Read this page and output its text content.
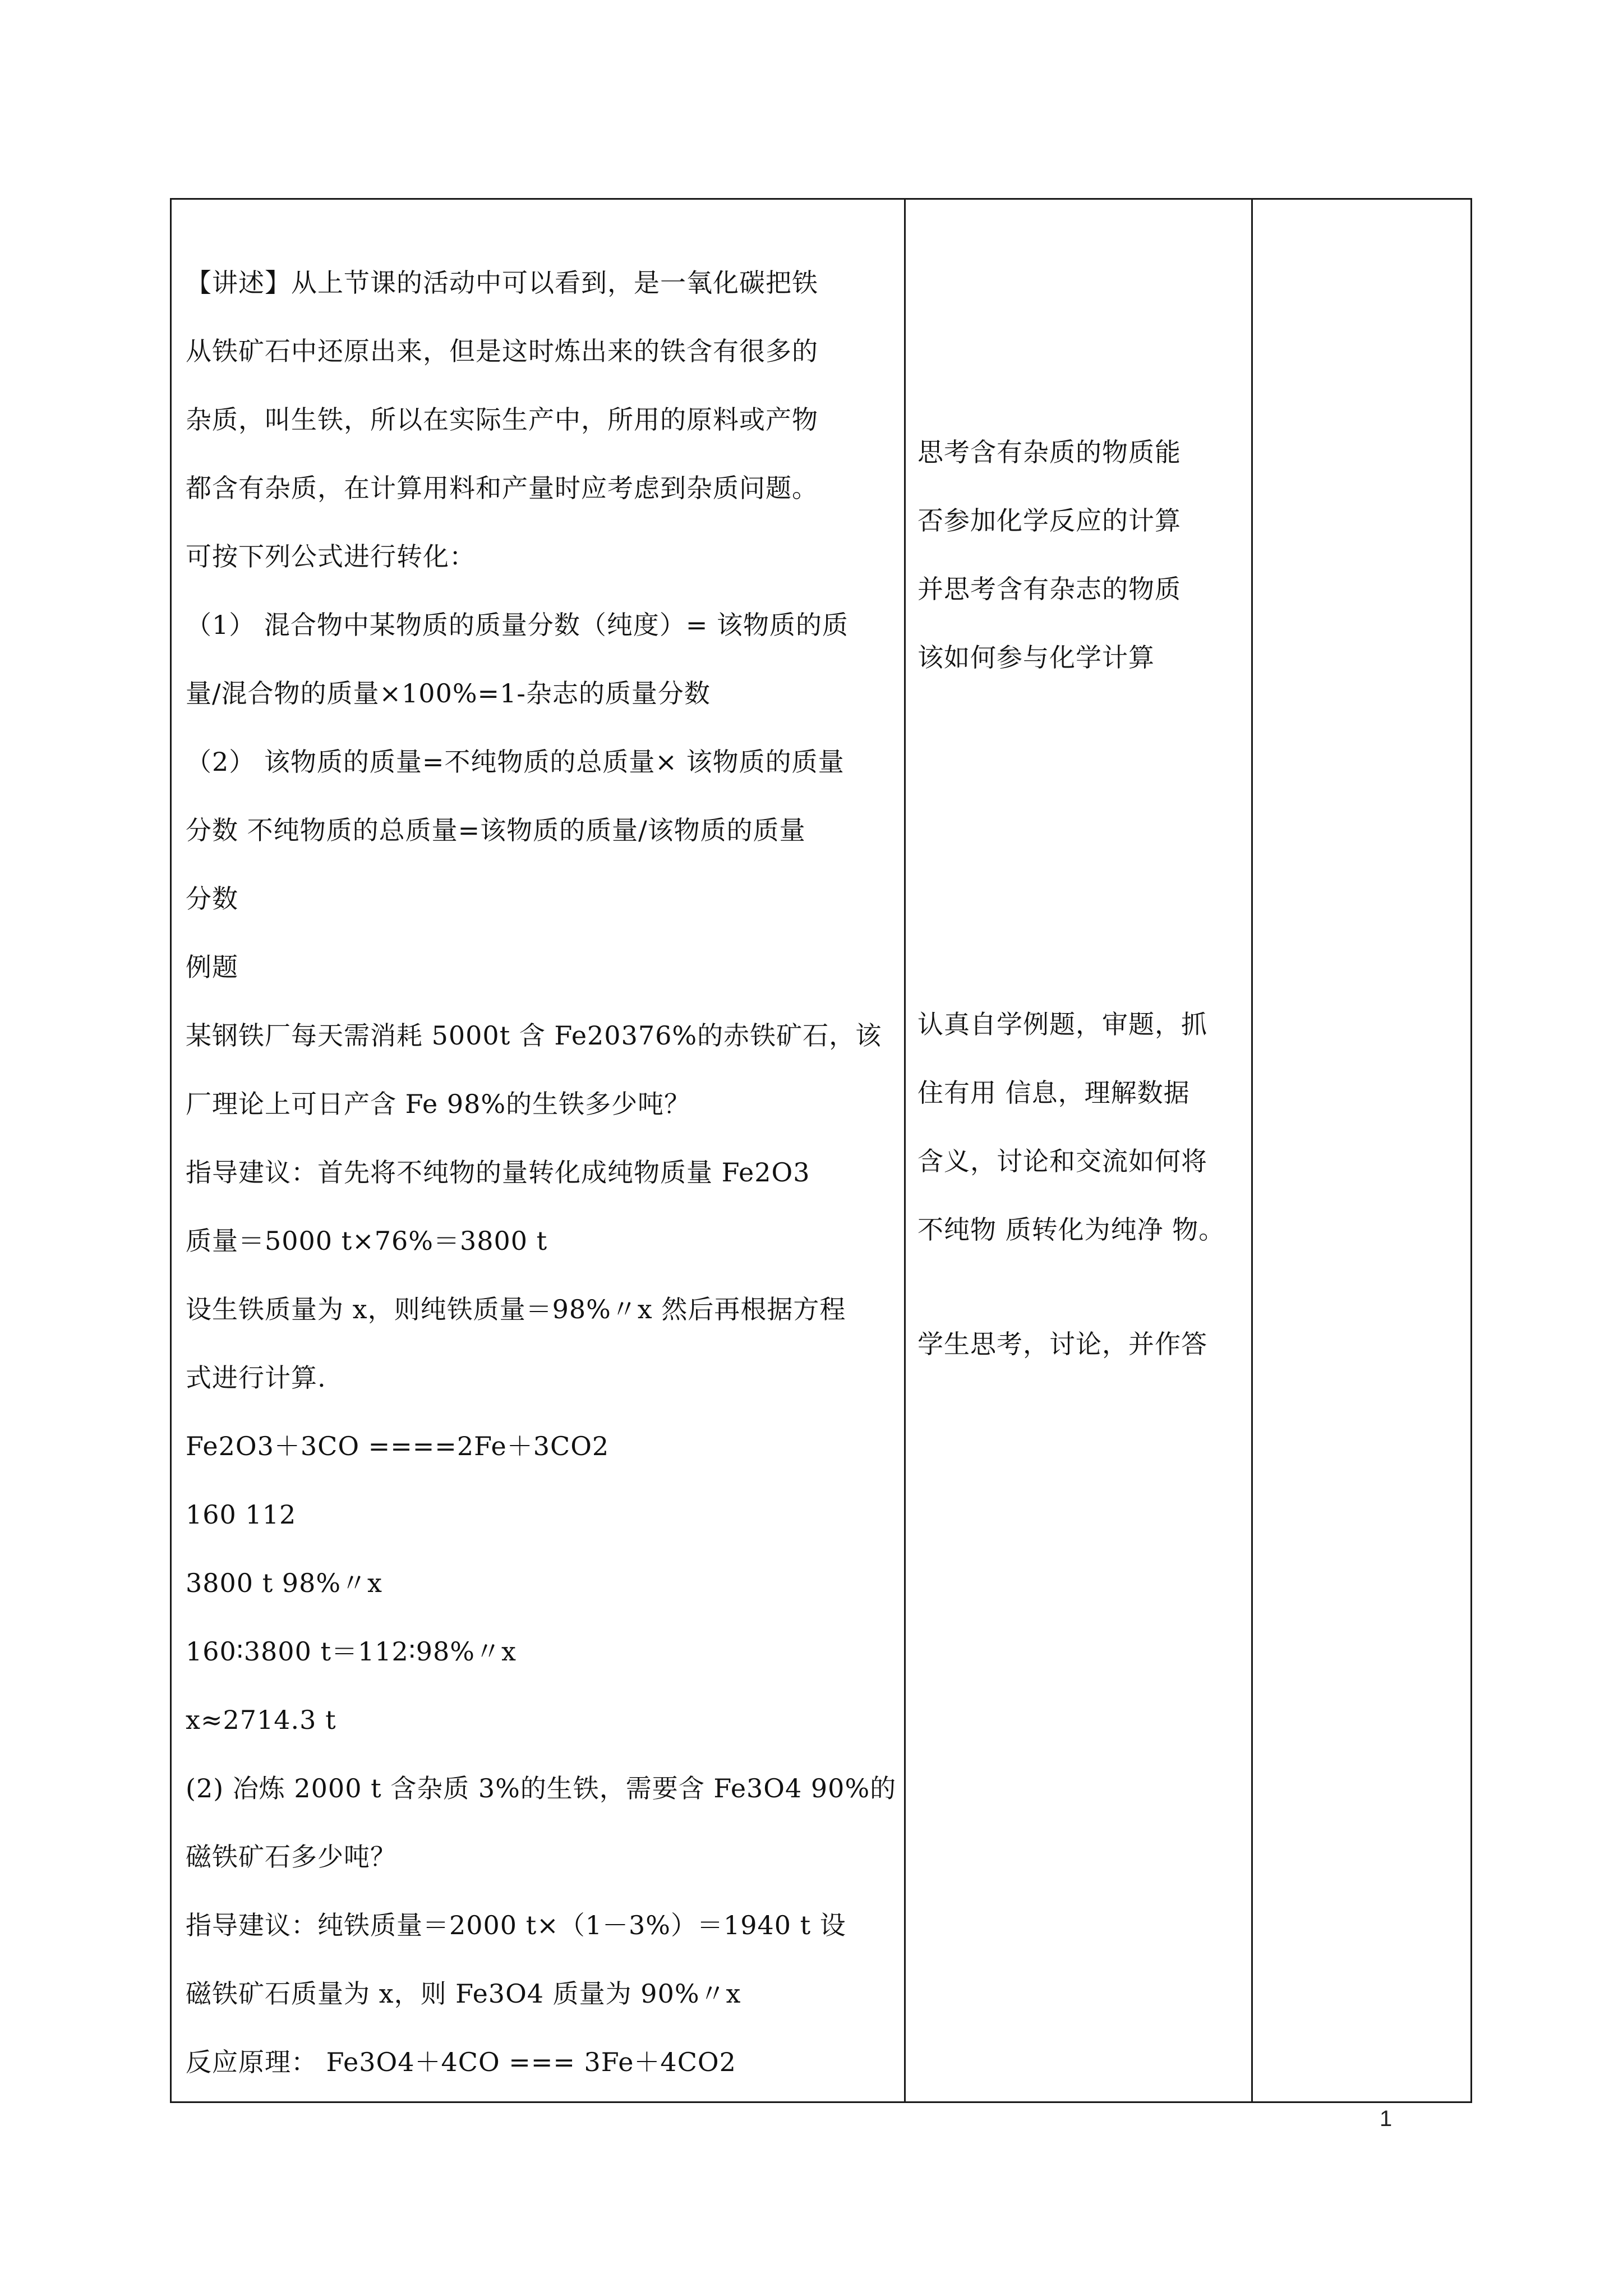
【讲述】从上节课的活动中可以看到，是一氧化碳把铁
从铁矿石中还原出来，但是这时炼出来的铁含有很多的
杂质，叫生铁，所以在实际生产中，所用的原料或产物
都含有杂质，在计算用料和产量时应考虑到杂质问题。
可按下列公式进行转化：
（1） 混合物中某物质的质量分数（纯度）= 该物质的质
量/混合物的质量×100%=1-杂志的质量分数
（2） 该物质的质量=不纯物质的总质量× 该物质的质量
分数 不纯物质的总质量=该物质的质量/该物质的质量
分数
例题
某钢铁厂每天需消耗 5000t 含 Fe20376%的赤铁矿石，该
厂理论上可日产含 Fe 98%的生铁多少吨？
指导建议：首先将不纯物的量转化成纯物质量 Fe2O3
质量＝5000 t×76%＝3800 t
设生铁质量为 x，则纯铁质量＝98%〃x 然后再根据方程
式进行计算.
Fe2O3＋3CO ====2Fe＋3CO2
160 112
3800 t 98%〃x
160∶3800 t＝112∶98%〃x
x≈2714.3 t
(2) 冶炼 2000 t 含杂质 3%的生铁，需要含 Fe3O4 90%的
磁铁矿石多少吨？
指导建议：纯铁质量＝2000 t×（1－3%）＝1940 t 设
磁铁矿石质量为 x，则 Fe3O4 质量为 90%〃x
反应原理： Fe3O4＋4CO === 3Fe＋4CO2
思考含有杂质的物质能
否参加化学反应的计算
并思考含有杂志的物质
该如何参与化学计算
认真自学例题，审题，抓
住有用 信息，理解数据
含义，讨论和交流如何将
不纯物 质转化为纯净 物。
学生思考，讨论，并作答
1
